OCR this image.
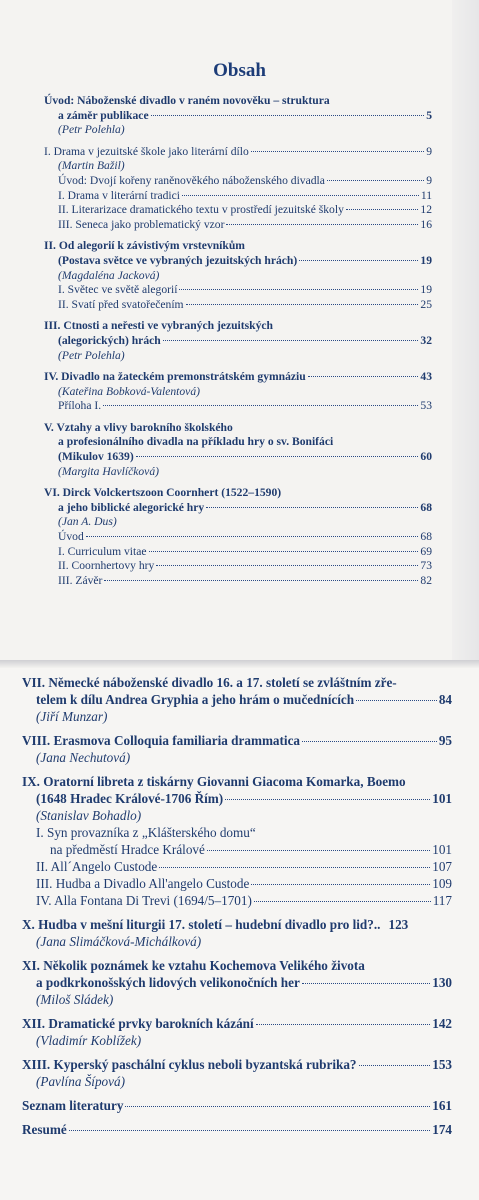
Obsah
Úvod: Náboženské divadlo v raném novověku – struktura
a záměr publikace	5
(Petr Polehla)
I. Drama v jezuitské škole jako literární dílo	9
(Martin Bažil)
Úvod: Dvojí kořeny raněnověkého náboženského divadla	9
I. Drama v literární tradici	11
II. Literarizace dramatického textu v prostředí jezuitské školy	12
III. Seneca jako problematický vzor	16
II. Od alegorií k závistivým vrstevníkům
(Postava světce ve vybraných jezuitských hrách)	19
(Magdaléna Jacková)
I. Světec ve světě alegorií	19
II. Svatí před svatořečením	25
III. Ctnosti a neřesti ve vybraných jezuitských
(alegorických) hrách	32
(Petr Polehla)
IV. Divadlo na žateckém premonstrátském gymnáziu	43
(Kateřina Bobková-Valentová)
Příloha I.	53
V. Vztahy a vlivy barokního školského
a profesionálního divadla na příkladu hry o sv. Bonifáci
(Mikulov 1639)	60
(Margita Havlíčková)
VI. Dirck Volckertszoon Coornhert (1522–1590)
a jeho biblické alegorické hry	68
(Jan A. Dus)
Úvod	68
I. Curriculum vitae	69
II. Coornhertovy hry	73
III. Závěr	82
VII. Německé náboženské divadlo 16. a 17. století se zvláštním zře-
telem k dílu Andrea Gryphia a jeho hrám o mučednících	84
(Jiří Munzar)
VIII. Erasmova Colloquia familiaria drammatica	95
(Jana Nechutová)
IX. Oratorní libreta z tiskárny Giovanni Giacoma Komarka, Boemo
(1648 Hradec Králové-1706 Řím)	101
(Stanislav Bohadlo)
I. Syn provazníka z „Klášterského domu“
na předměstí Hradce Králové	101
II. All´Angelo Custode	107
III. Hudba a Divadlo All'angelo Custode	109
IV. Alla Fontana Di Trevi (1694/5–1701)	117
X. Hudba v mešní liturgii 17. století – hudební divadlo pro lid?.. 123
(Jana Slimáčková-Michálková)
XI. Několik poznámek ke vztahu Kochemova Velikého života
a podkrkonošských lidových velikonočních her	130
(Miloš Sládek)
XII. Dramatické prvky barokních kázání	142
(Vladimír Koblížek)
XIII. Kyperský paschální cyklus neboli byzantská rubrika?	153
(Pavlína Šípová)
Seznam literatury	161
Resumé	174
